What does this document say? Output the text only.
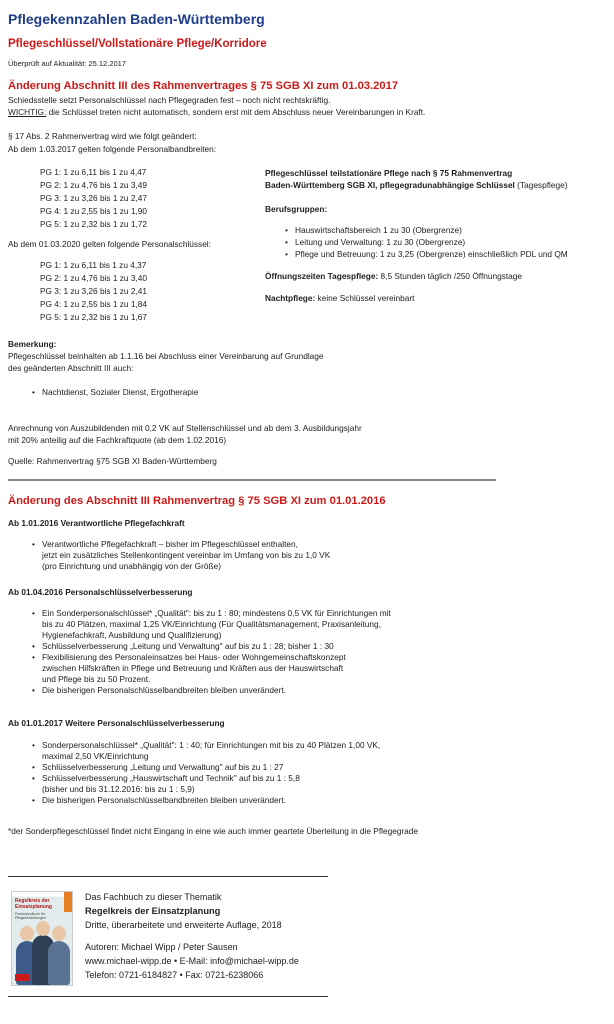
Pflegekennzahlen Baden-Württemberg
Pflegeschlüssel/Vollstationäre Pflege/Korridore
Überprüft auf Aktualität: 25.12.2017
Änderung Abschnitt III des Rahmenvertrages § 75 SGB XI zum 01.03.2017
Schiedsstelle setzt Personalschlüssel nach Pflegegraden fest – noch nicht rechtskräftig.
WICHTIG: die Schlüssel treten nicht automatisch, sondern erst mit dem Abschluss neuer Vereinbarungen in Kraft.
§ 17 Abs. 2 Rahmenvertrag wird wie folgt geändert:
Ab dem 1.03.2017 gelten folgende Personalbandbreiten:
PG 1: 1 zu 6,11 bis 1 zu 4,47
PG 2: 1 zu 4,76 bis 1 zu 3,49
PG 3: 1 zu 3,26 bis 1 zu 2,47
PG 4: 1 zu 2,55 bis 1 zu 1,90
PG 5: 1 zu 2,32 bis 1 zu 1,72
Ab dem 01.03.2020 gelten folgende Personalschlüssel:
PG 1: 1 zu 6,11 bis 1 zu 4,37
PG 2: 1 zu 4,76 bis 1 zu 3,40
PG 3: 1 zu 3,26 bis 1 zu 2,41
PG 4: 1 zu 2,55 bis 1 zu 1,84
PG 5: 1 zu 2,32 bis 1 zu 1,67
Bemerkung:
Pflegeschlüssel beinhalten ab 1.1.16 bei Abschluss einer Vereinbarung auf Grundlage
des geänderten Abschnitt III auch:
• Nachtdienst, Sozialer Dienst, Ergotherapie
Anrechnung von Auszubildenden mit 0,2 VK auf Stellenschlüssel und ab dem 3. Ausbildungsjahr
mit 20% anteilig auf die Fachkraftquote (ab dem 1.02.2016)
Quelle: Rahmenvertrag §75 SGB XI Baden-Württemberg
Pflegeschlüssel teilstationäre Pflege nach § 75 Rahmenvertrag
Baden-Württemberg SGB XI, pflegegradunabhängige Schlüssel (Tagespflege)
Berufsgruppen:
• Hauswirtschaftsbereich 1 zu 30 (Obergrenze)
• Leitung und Verwaltung: 1 zu 30 (Obergrenze)
• Pflege und Betreuung: 1 zu 3,25 (Obergrenze) einschließlich PDL und QM
Öffnungszeiten Tagespflege: 8,5 Stunden täglich /250 Öffnungstage
Nachtpflege: keine Schlüssel vereinbart
Änderung des Abschnitt III Rahmenvertrag § 75 SGB XI zum 01.01.2016
Ab 1.01.2016 Verantwortliche Pflegefachkraft
• Verantwortliche Pflegefachkraft – bisher im Pflegeschlüssel enthalten,
jetzt ein zusätzliches Stellenkontingent vereinbar im Umfang von bis zu 1,0 VK
(pro Einrichtung und unabhängig von der Größe)
Ab 01.04.2016 Personalschlüsselverbesserung
• Ein Sonderpersonalschlüssel* „Qualität": bis zu 1 : 80; mindestens 0,5 VK für Einrichtungen mit
bis zu 40 Plätzen, maximal 1,25 VK/Einrichtung (Für Qualitätsmanagement, Praxisanleitung,
Hygienefachkraft, Ausbildung und Qualifizierung)
• Schlüsselverbesserung „Leitung und Verwaltung" auf bis zu 1 : 28; bisher 1 : 30
• Flexibilisierung des Personaleinsatzes bei Haus- oder Wohngemeinschaftskonzept
zwischen Hilfskräften in Pflege und Betreuung und Kräften aus der Hauswirtschaft
und Pflege bis zu 50 Prozent.
• Die bisherigen Personalschlüsselbandbreiten bleiben unverändert.
Ab 01.01.2017 Weitere Personalschlüsselverbesserung
• Sonderpersonalschlüssel* „Qualität": 1 : 40; für Einrichtungen mit bis zu 40 Plätzen 1,00 VK,
maximal 2,50 VK/Einrichtung
• Schlüsselverbesserung „Leitung und Verwaltung" auf bis zu 1 : 27
• Schlüsselverbesserung „Hauswirtschaft und Technik" auf bis zu 1 : 5,8
(bisher und bis 31.12.2016: bis zu 1 : 5,9)
• Die bisherigen Personalschlüsselbandbreiten bleiben unverändert.
*der Sonderpflegeschlüssel findet nicht Eingang in eine wie auch immer geartete Überleitung in die Pflegegrade
Regelkreis der Einsatzplanung
Praxishandbuch für Pflegeeinrichtungen
Das Fachbuch zu dieser Thematik
Regelkreis der Einsatzplanung
Dritte, überarbeitete und erweiterte Auflage, 2018
Autoren: Michael Wipp / Peter Sausen
www.michael-wipp.de • E-Mail: info@michael-wipp.de
Telefon: 0721-6184827 • Fax: 0721-6238066
